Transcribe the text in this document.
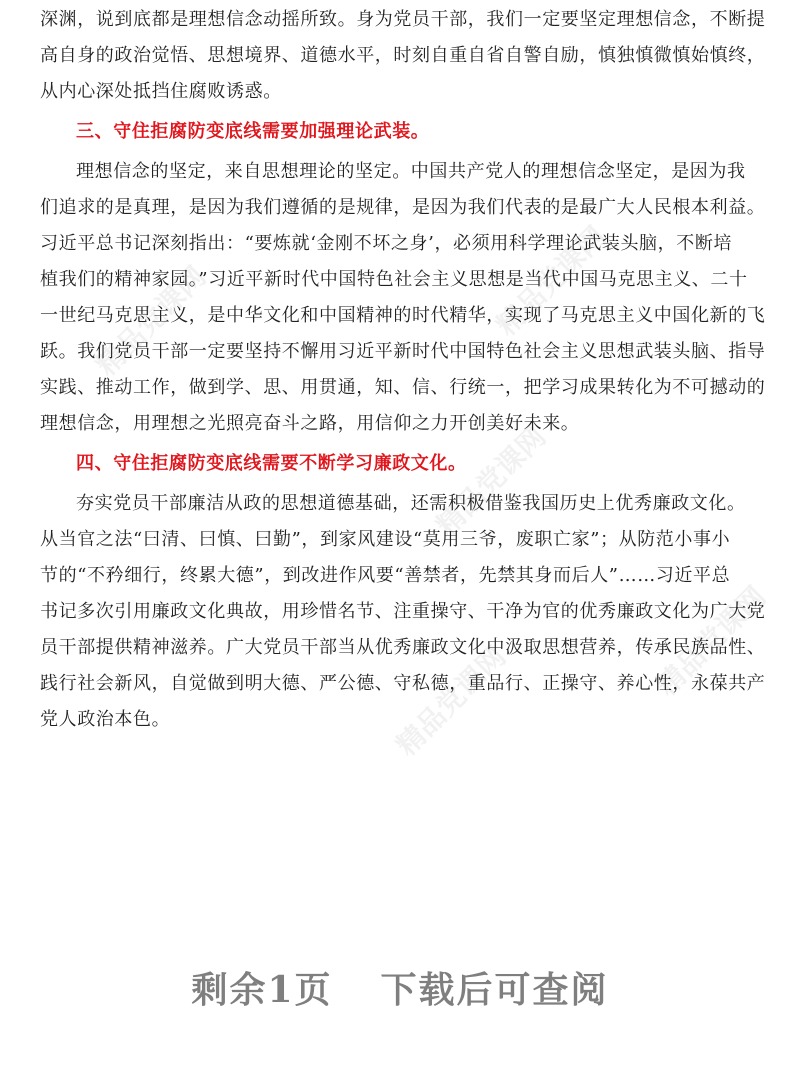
精品党课网	精品党课网
精品党课网
精品党课网	精品党课网

深渊，说到底都是理想信念动摇所致。身为党员干部，我们一定要坚定理想信念，不断提
高自身的政治觉悟、思想境界、道德水平，时刻自重自省自警自励，慎独慎微慎始慎终，
从内心深处抵挡住腐败诱惑。

三、守住拒腐防变底线需要加强理论武装。

理想信念的坚定，来自思想理论的坚定。中国共产党人的理想信念坚定，是因为我
们追求的是真理，是因为我们遵循的是规律，是因为我们代表的是最广大人民根本利益。
习近平总书记深刻指出：“要炼就‘金刚不坏之身’，必须用科学理论武装头脑，不断培
植我们的精神家园。”习近平新时代中国特色社会主义思想是当代中国马克思主义、二十
一世纪马克思主义，是中华文化和中国精神的时代精华，实现了马克思主义中国化新的飞
跃。我们党员干部一定要坚持不懈用习近平新时代中国特色社会主义思想武装头脑、指导
实践、推动工作，做到学、思、用贯通，知、信、行统一，把学习成果转化为不可撼动的
理想信念，用理想之光照亮奋斗之路，用信仰之力开创美好未来。

四、守住拒腐防变底线需要不断学习廉政文化。

夯实党员干部廉洁从政的思想道德基础，还需积极借鉴我国历史上优秀廉政文化。
从当官之法“曰清、曰慎、曰勤”，到家风建设“莫用三爷，废职亡家”；从防范小事小
节的“不矜细行，终累大德”，到改进作风要“善禁者，先禁其身而后人”……习近平总
书记多次引用廉政文化典故，用珍惜名节、注重操守、干净为官的优秀廉政文化为广大党
员干部提供精神滋养。广大党员干部当从优秀廉政文化中汲取思想营养，传承民族品性、
践行社会新风，自觉做到明大德、严公德、守私德，重品行、正操守、养心性，永葆共产
党人政治本色。

剩余1页 下载后可查阅
